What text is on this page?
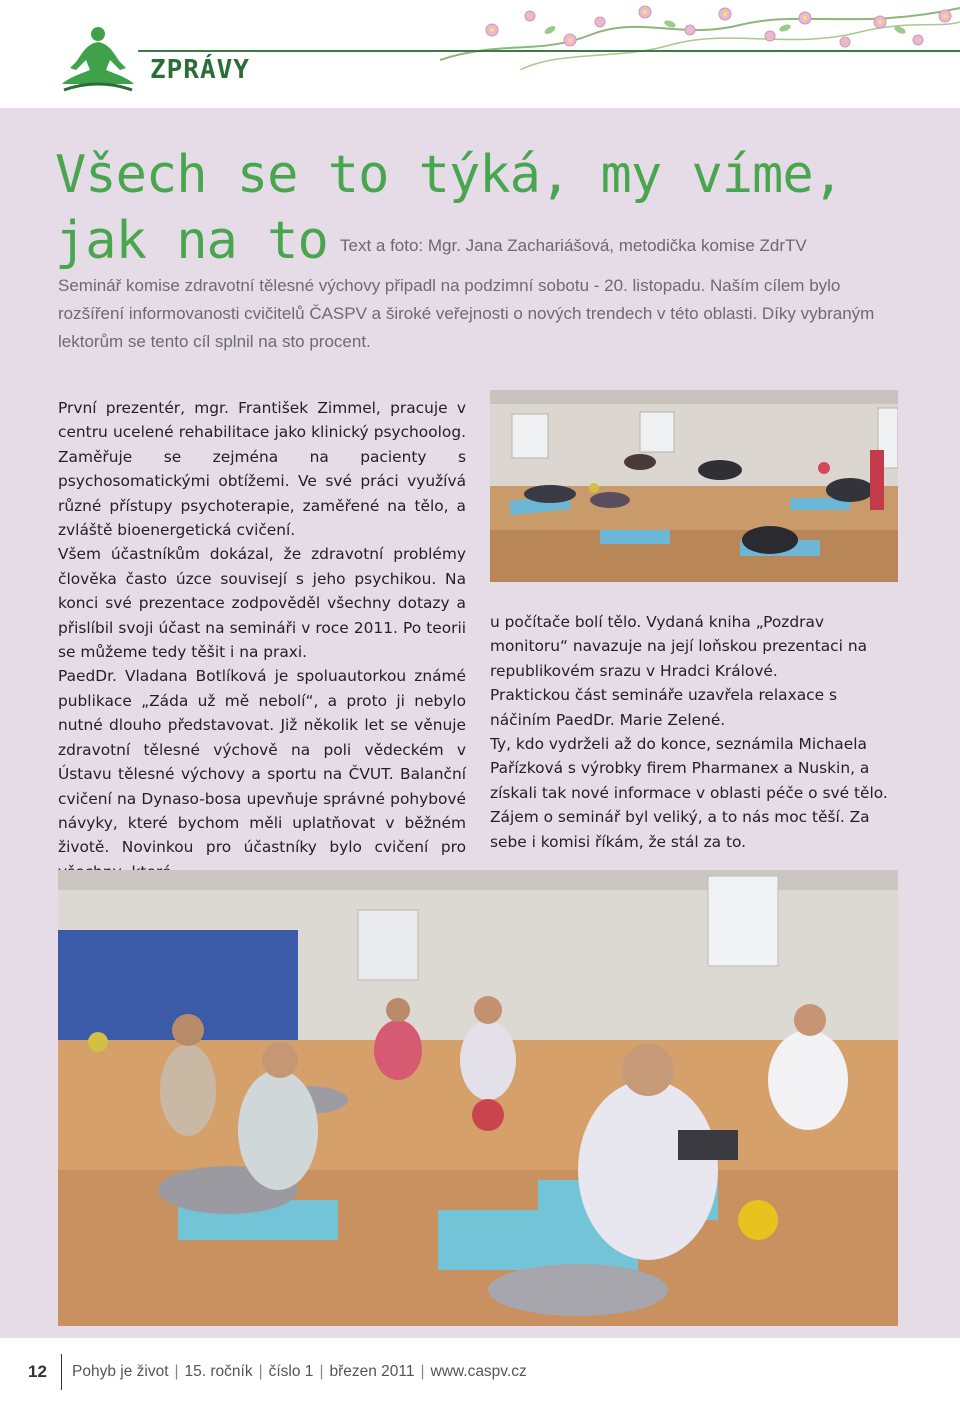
ZPRÁVY
Všech se to týká, my víme,
jak na to Text a foto: Mgr. Jana Zachariášová, metodička komise ZdrTV

Seminář komise zdravotní tělesné výchovy připadl na podzimní sobotu - 20. listopadu. Naším cílem bylo rozšíření informovanosti cvičitelů ČASPV a široké veřejnosti o nových trendech v této oblasti. Díky vybraným lektorům se tento cíl splnil na sto procent.

První prezentér, mgr. František Zimmel, pracuje v centru ucelené rehabilitace jako klinický psychoolog. Zaměřuje se zejména na pacienty s psychosomatickými obtížemi. Ve své práci využívá různé přístupy psychoterapie, zaměřené na tělo, a zvláště bioenergetická cvičení.

Všem účastníkům dokázal, že zdravotní problémy člověka často úzce souvisejí s jeho psychikou. Na konci své prezentace zodpověděl všechny dotazy a přislíbil svoji účast na semináři v roce 2011. Po teorii se můžeme tedy těšit i na praxi.

PaedDr. Vladana Botlíková je spoluautorkou známé publikace „Záda už mě nebolí“, a proto ji nebylo nutné dlouho představovat. Již několik let se věnuje zdravotní tělesné výchově na poli vědeckém v Ústavu tělesné výchovy a sportu na ČVUT. Balanční cvičení na Dynaso-bosa upevňuje správné pohybové návyky, které bychom měli uplatňovat v běžném životě. Novinkou pro účastníky bylo cvičení pro

u počítače bolí tělo. Vydaná kniha „Pozdrav monitoru“ navazuje na její loňskou prezentaci na republikovém srazu v Hradci Králové.

Praktickou část semináře uzavřela relaxace s náčiním PaedDr. Marie Zelené.

Ty, kdo vydrželi až do konce, seznámila Michaela Pařízková s výrobky firem Pharmanex a Nuskin, a získali tak nové informace v oblasti péče o své tělo.

Zájem o seminář byl veliký, a to nás moc těší. Za sebe i komisi říkám, že stál za to.

12 Pohyb je život | 15. ročník | číslo 1 | březen 2011 | www.caspv.cz
